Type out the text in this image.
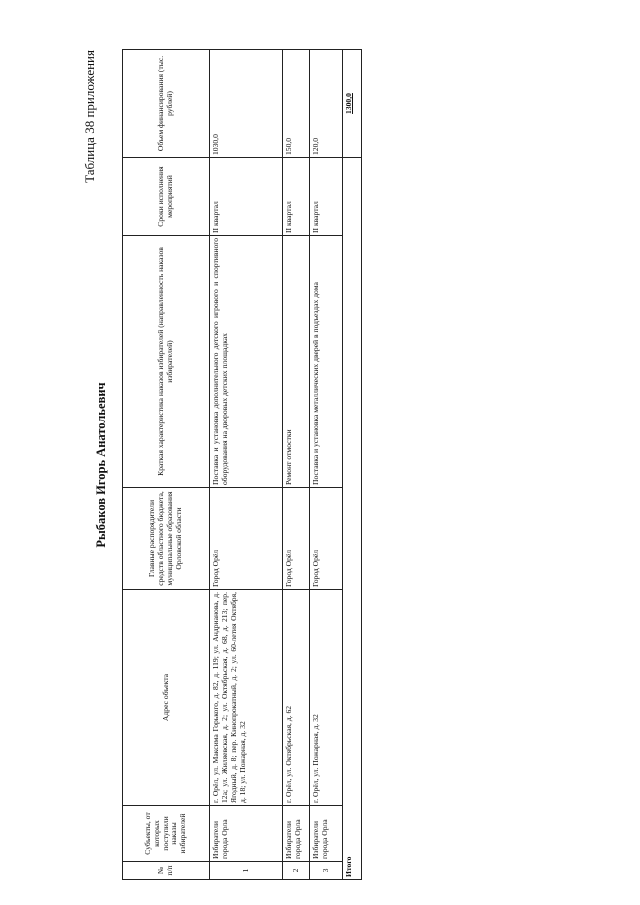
Таблица 38 приложения
Рыбаков Игорь Анатольевич
№ п/п	Субъекты, от которых поступили наказы избирателей	Адрес объекта	Главные распорядители средств областного бюджета, муниципальные образования Орловской области	Краткая характеристика наказов избирателей (направленность наказов избирателей)	Сроки исполнения мероприятий	Объем финансирования (тыс. рублей)
1	Избиратели города Орла	г. Орёл, ул. Максима Горького, д. 82, д. 119; ул. Андрианова, д. 12а; ул. Жиляевская, д. 2; ул. Октябрьская, д. 68, д. 213; пер. Ягодный, д. 8; пер. Кинопрокатный, д. 2; ул. 60-летия Октября, д. 18; ул. Пожарная, д. 32	Город Орёл	Поставка и установка дополнительного детского игрового и спортивного оборудования на дворовых детских площадках	II квартал	1030,0
2	Избиратели города Орла	г. Орёл, ул. Октябрьская, д. 62	Город Орёл	Ремонт отмостки	II квартал	150,0
3	Избиратели города Орла	г. Орёл, ул. Пожарная, д. 32	Город Орёл	Поставка и установка металлических дверей в подъездах дома	II квартал	120,0
Итого						1300,0
